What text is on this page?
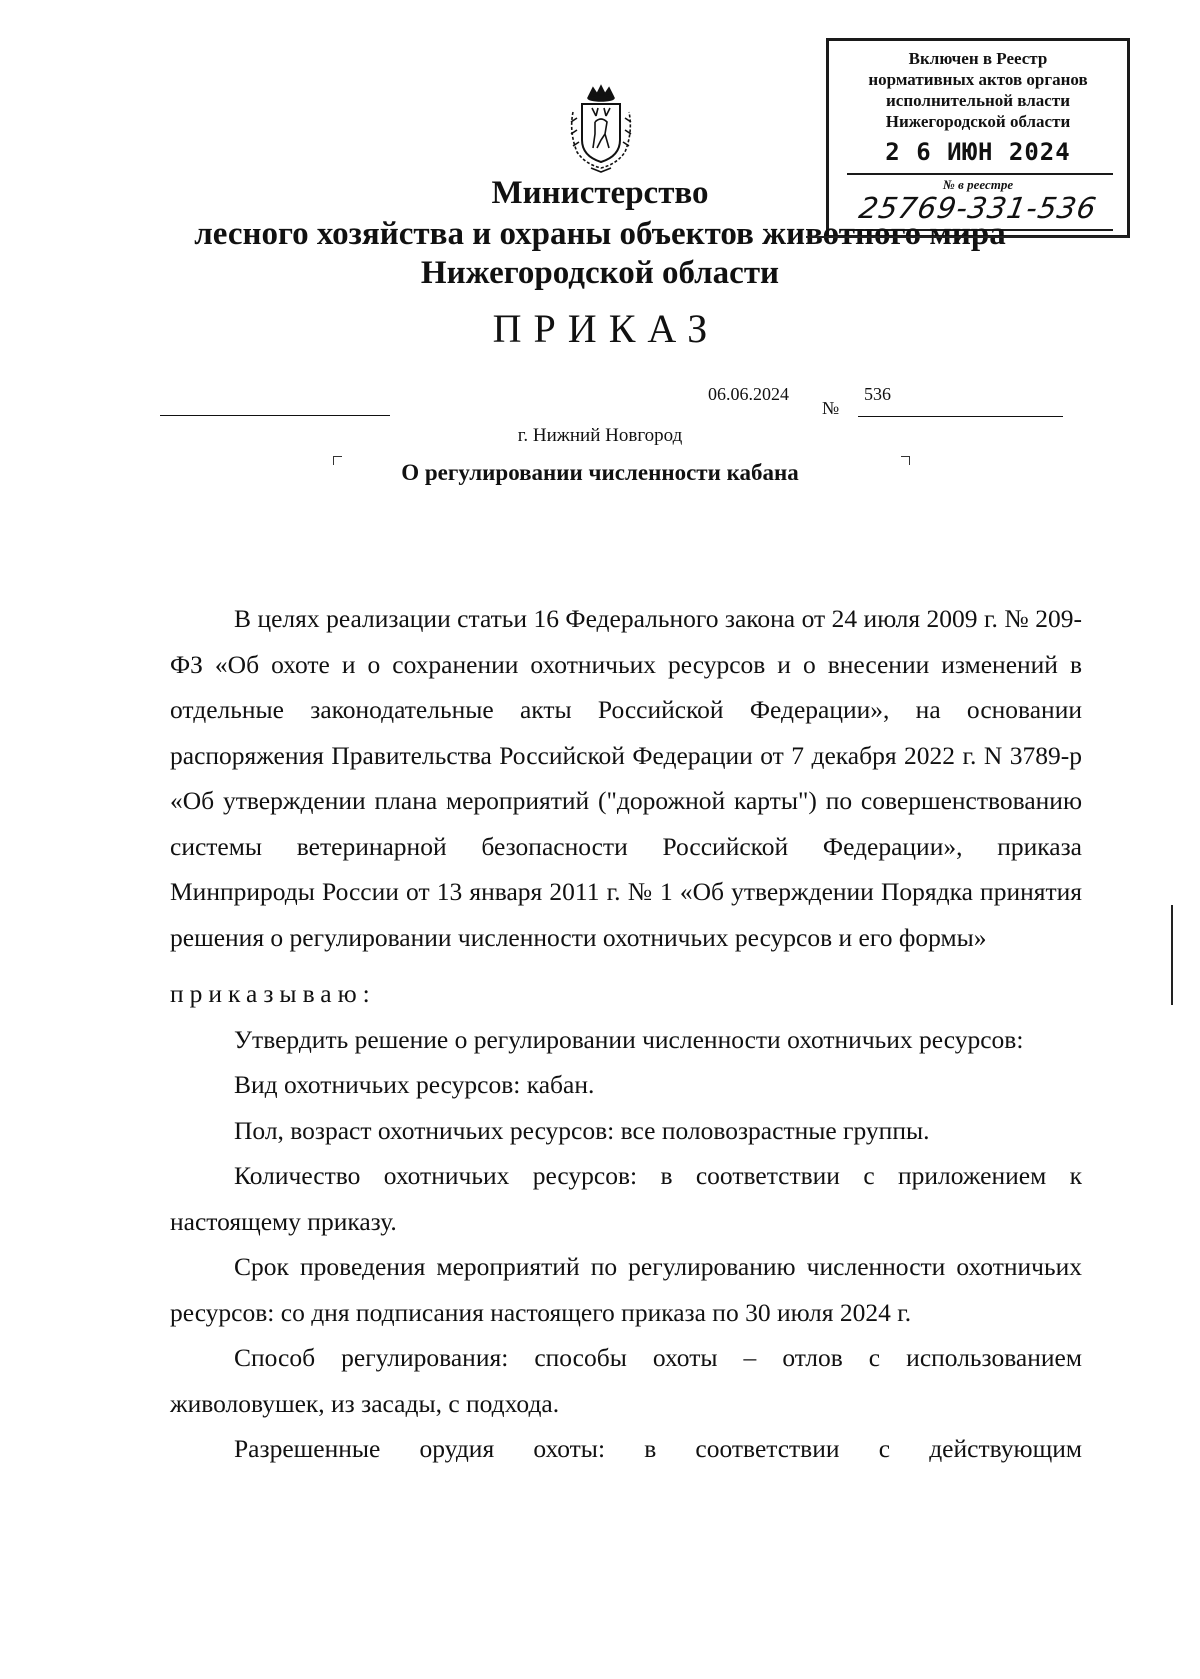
Включен в Реестр
нормативных актов органов
исполнительной власти
Нижегородской области
2 6 ИЮН 2024
№ в реестре
25769-331-536
Министерство
лесного хозяйства и охраны объектов животного мира
Нижегородской области
ПРИКАЗ
06.06.2024
№
536
г. Нижний Новгород
О регулировании численности кабана

В целях реализации статьи 16 Федерального закона от 24 июля 2009 г. № 209-ФЗ «Об охоте и о сохранении охотничьих ресурсов и о внесении изменений в отдельные законодательные акты Российской Федерации», на основании распоряжения Правительства Российской Федерации от 7 декабря 2022 г. N 3789-р «Об утверждении плана мероприятий ("дорожной карты") по совершенствованию системы ветеринарной безопасности Российской Федерации», приказа Минприроды России от 13 января 2011 г. № 1 «Об утверждении Порядка принятия решения о регулировании численности охотничьих ресурсов и его формы»

приказываю:

Утвердить решение о регулировании численности охотничьих ресурсов:

Вид охотничьих ресурсов: кабан.

Пол, возраст охотничьих ресурсов: все половозрастные группы.

Количество охотничьих ресурсов: в соответствии с приложением к настоящему приказу.

Срок проведения мероприятий по регулированию численности охотничьих ресурсов: со дня подписания настоящего приказа по 30 июля 2024 г.

Способ регулирования: способы охоты – отлов с использованием живоловушек, из засады, с подхода.

Разрешенные орудия охоты: в соответствии с действующим
